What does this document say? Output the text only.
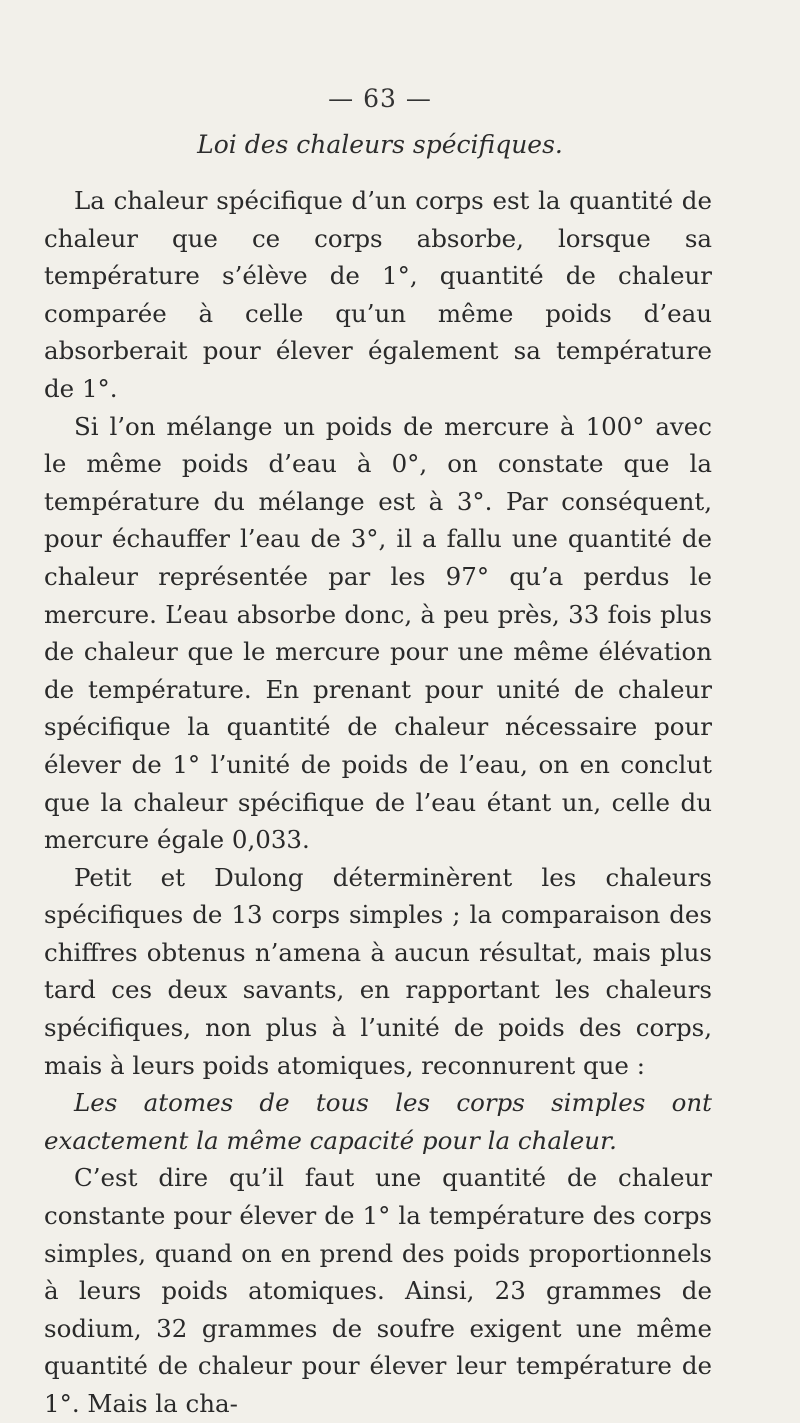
— 63 —
Loi des chaleurs spécifiques.

La chaleur spécifique d’un corps est la quantité de chaleur que ce corps absorbe, lorsque sa température s’élève de 1°, quantité de chaleur comparée à celle qu’un même poids d’eau absorberait pour élever également sa température de 1°.

Si l’on mélange un poids de mercure à 100° avec le même poids d’eau à 0°, on constate que la température du mélange est à 3°. Par conséquent, pour échauffer l’eau de 3°, il a fallu une quantité de chaleur représentée par les 97° qu’a perdus le mercure. L’eau absorbe donc, à peu près, 33 fois plus de chaleur que le mercure pour une même élévation de température. En prenant pour unité de chaleur spécifique la quantité de chaleur nécessaire pour élever de 1° l’unité de poids de l’eau, on en conclut que la chaleur spécifique de l’eau étant un, celle du mercure égale 0,033.

Petit et Dulong déterminèrent les chaleurs spécifiques de 13 corps simples ; la comparaison des chiffres obtenus n’amena à aucun résultat, mais plus tard ces deux savants, en rapportant les chaleurs spécifiques, non plus à l’unité de poids des corps, mais à leurs poids atomiques, reconnurent que :

Les atomes de tous les corps simples ont exactement la même capacité pour la chaleur.

C’est dire qu’il faut une quantité de chaleur constante pour élever de 1° la température des corps simples, quand on en prend des poids proportionnels à leurs poids atomiques. Ainsi, 23 grammes de sodium, 32 grammes de soufre exigent une même quantité de chaleur pour élever leur température de 1°. Mais la cha-
